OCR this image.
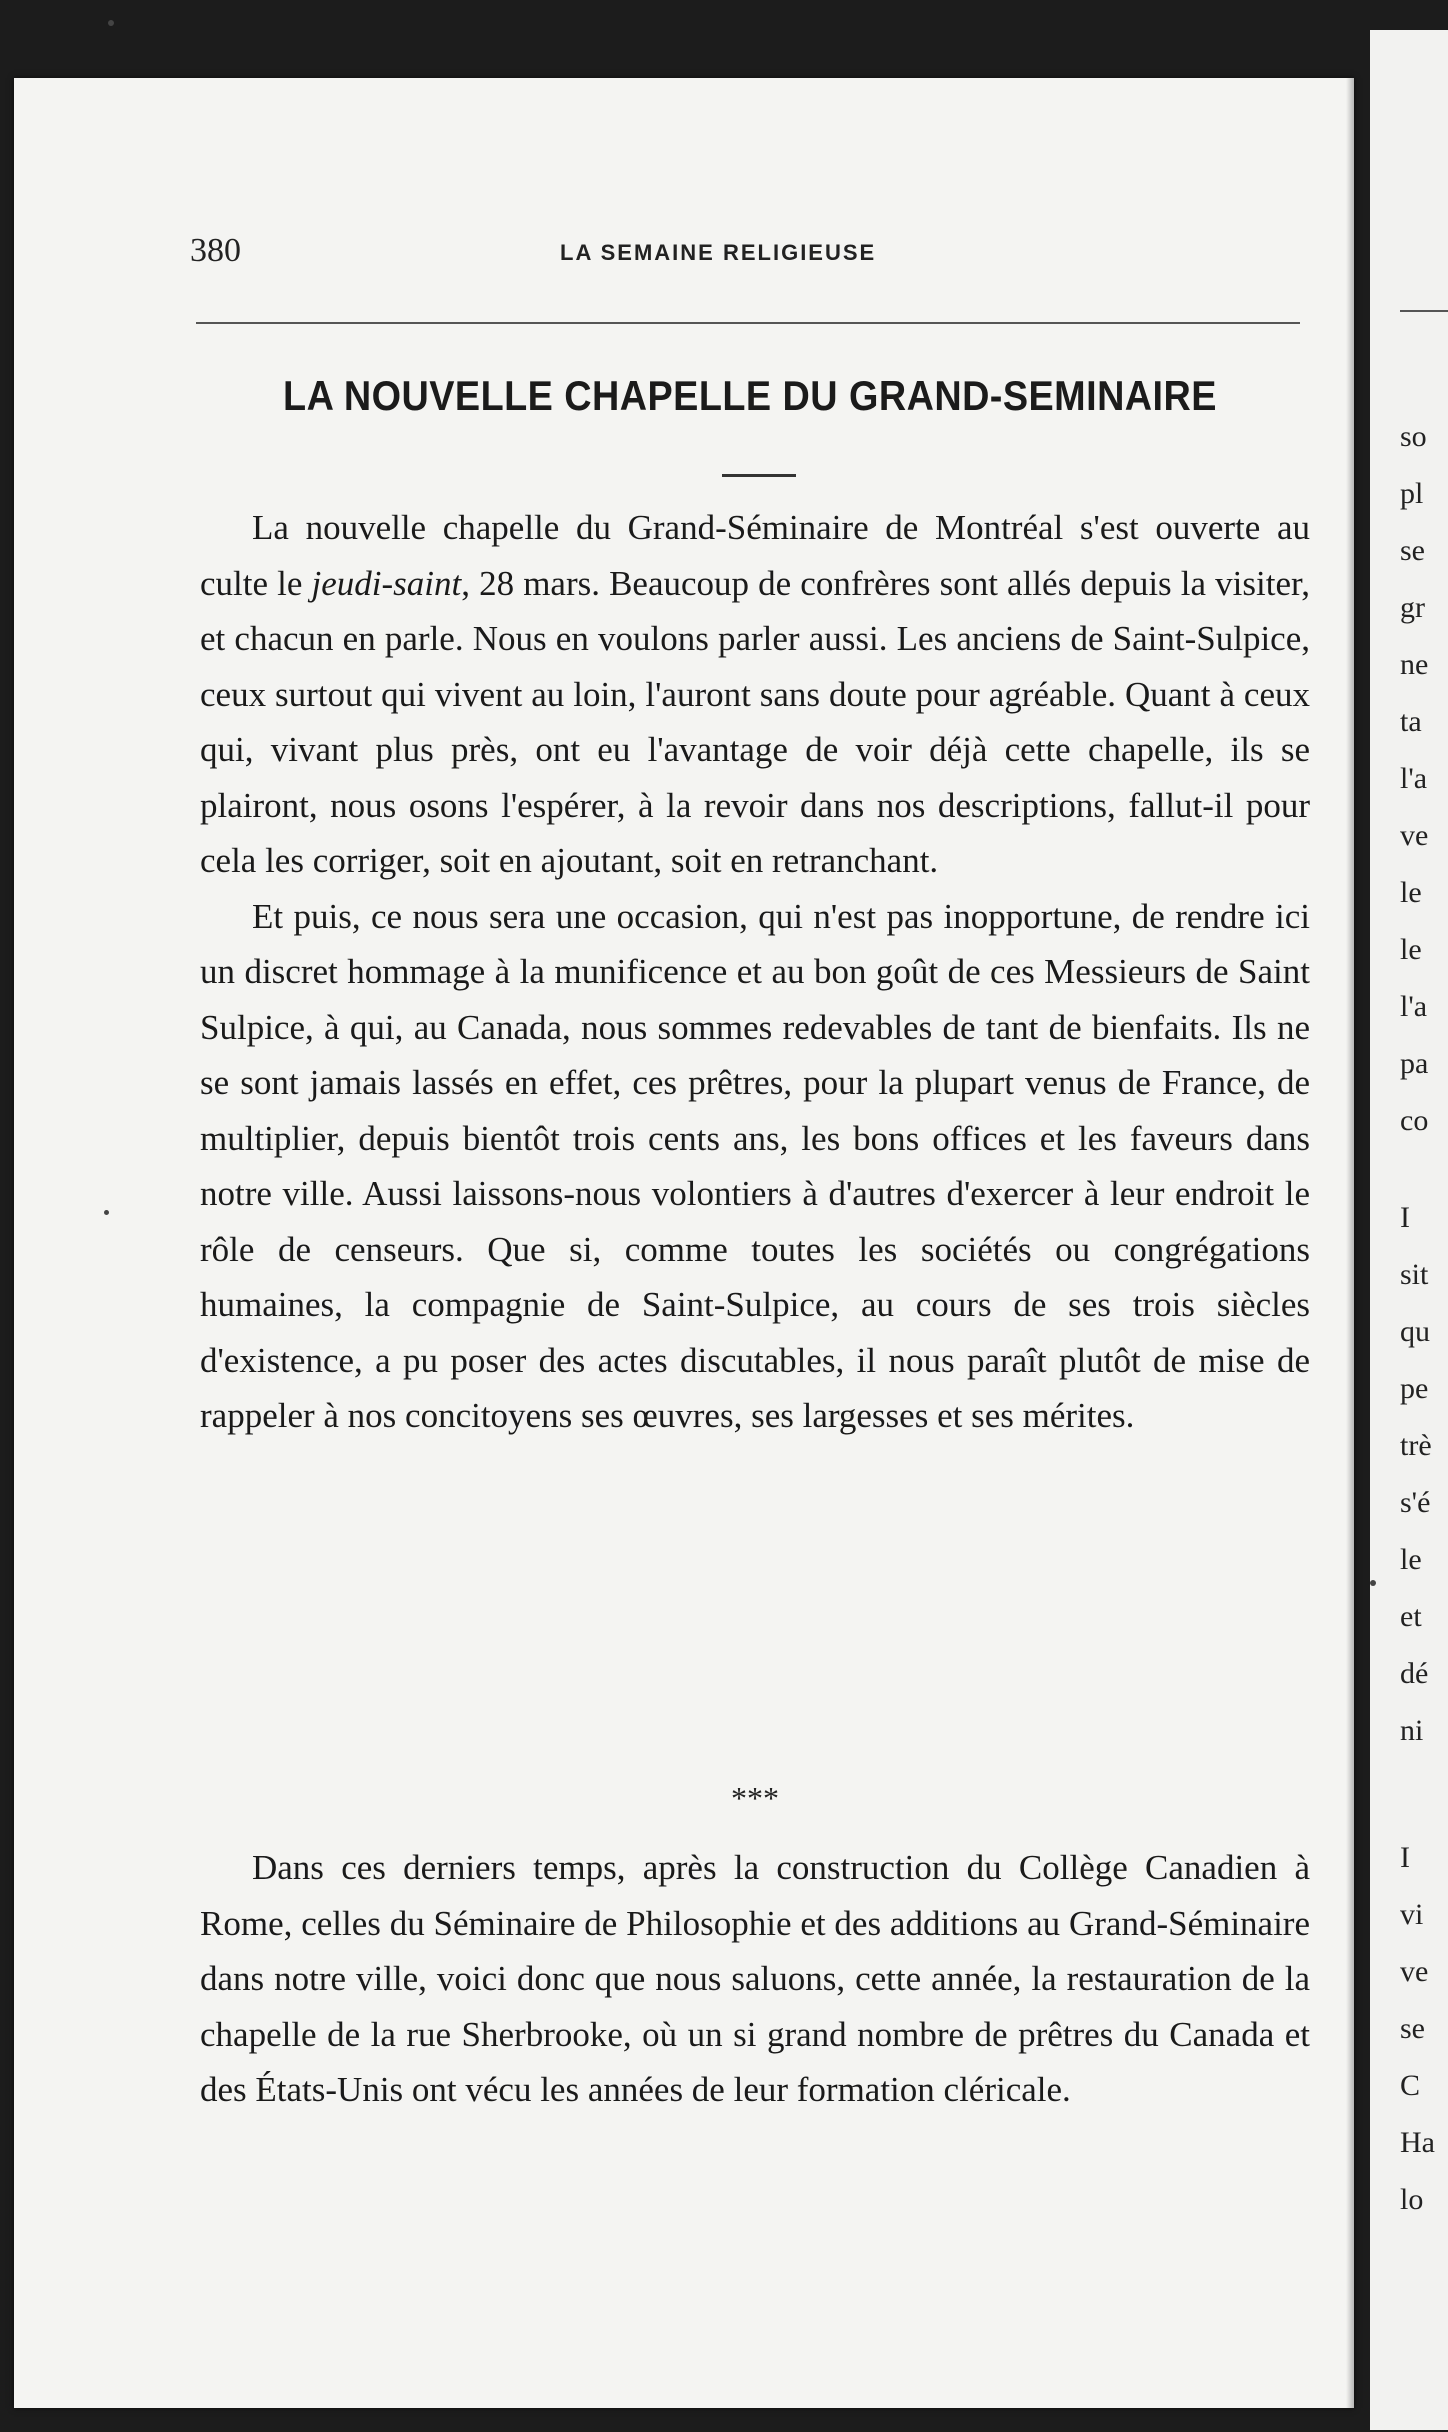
so
pl
se
gr
ne
ta
l'a
ve
le
le
l'a
pa
co
I
sit
qu
pe
trè
s'é
le
et
dé
ni
I
vi
ve
se
C
Ha
lo
380	LA SEMAINE RELIGIEUSE
LA NOUVELLE CHAPELLE DU GRAND-SEMINAIRE

La nouvelle chapelle du Grand-Séminaire de Montréal s'est ouverte au culte le jeudi-saint, 28 mars. Beaucoup de confrères sont allés depuis la visiter, et chacun en parle. Nous en voulons parler aussi. Les anciens de Saint-Sulpice, ceux surtout qui vivent au loin, l'auront sans doute pour agréable. Quant à ceux qui, vivant plus près, ont eu l'avantage de voir déjà cette chapelle, ils se plairont, nous osons l'espérer, à la revoir dans nos descriptions, fallut-il pour cela les corriger, soit en ajoutant, soit en retranchant.

Et puis, ce nous sera une occasion, qui n'est pas inopportune, de rendre ici un discret hommage à la munificence et au bon goût de ces Messieurs de Saint Sulpice, à qui, au Canada, nous sommes redevables de tant de bienfaits. Ils ne se sont jamais lassés en effet, ces prêtres, pour la plupart venus de France, de multiplier, depuis bientôt trois cents ans, les bons offices et les faveurs dans notre ville. Aussi laissons-nous volontiers à d'autres d'exercer à leur endroit le rôle de censeurs. Que si, comme toutes les sociétés ou congrégations humaines, la compagnie de Saint-Sulpice, au cours de ses trois siècles d'existence, a pu poser des actes discutables, il nous paraît plutôt de mise de rappeler à nos concitoyens ses œuvres, ses largesses et ses mérites.

***

Dans ces derniers temps, après la construction du Collège Canadien à Rome, celles du Séminaire de Philosophie et des additions au Grand-Séminaire dans notre ville, voici donc que nous saluons, cette année, la restauration de la chapelle de la rue Sherbrooke, où un si grand nombre de prêtres du Canada et des États-Unis ont vécu les années de leur formation cléricale.
